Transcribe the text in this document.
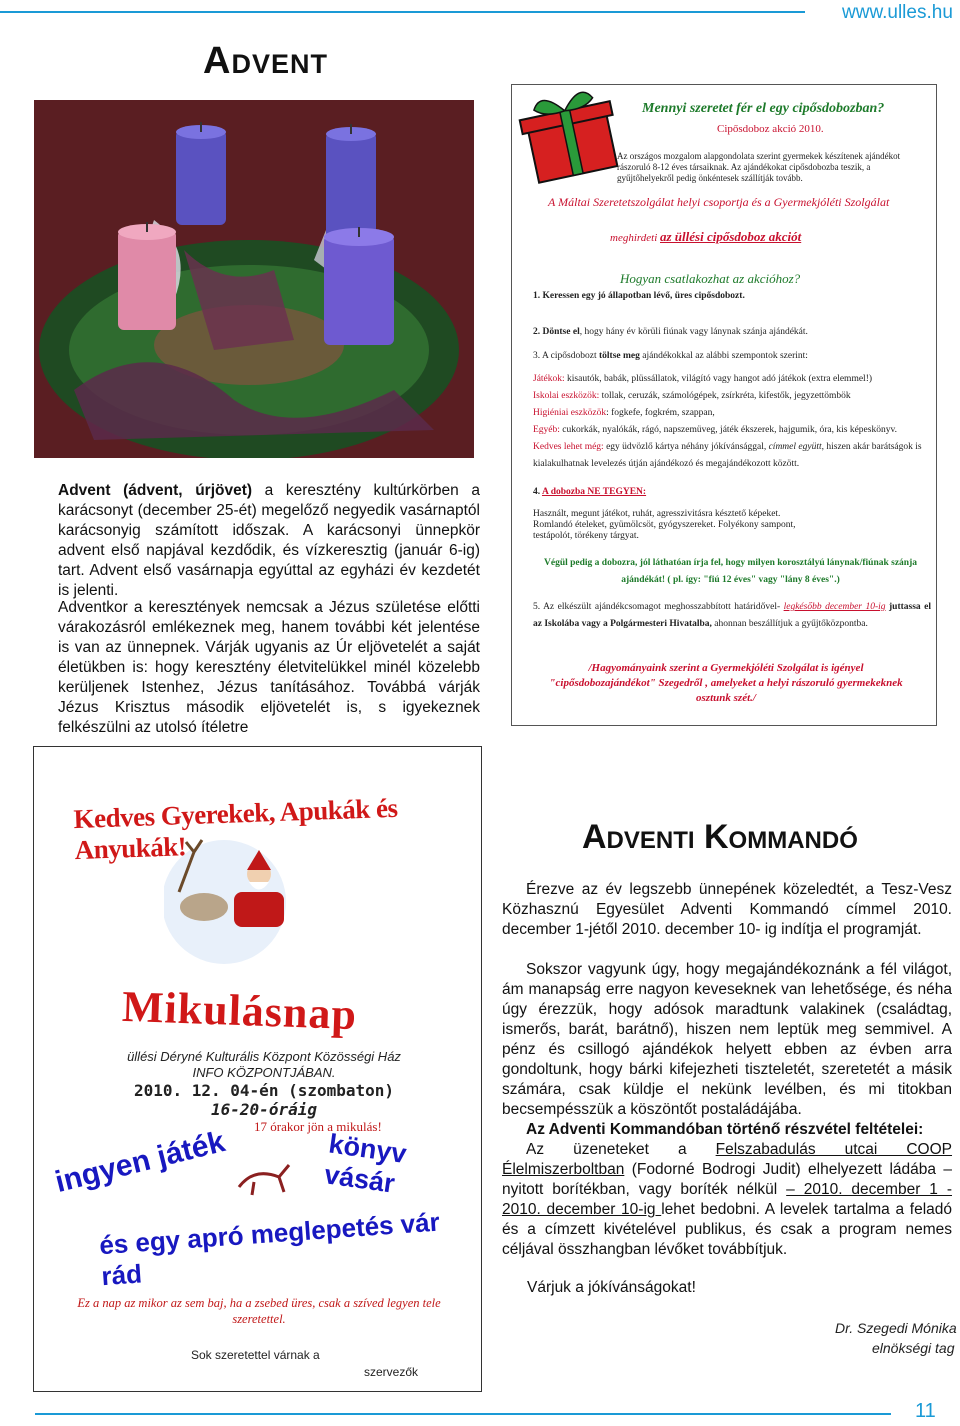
www.ulles.hu
Advent

Advent (ádvent, úrjövet) a keresztény kultúrkörben a karácsonyt (december 25-ét) megelőző negyedik vasárnaptól karácsonyig számított időszak. A karácsonyi ünnepkör advent első napjával kezdődik, és vízkeresztig (január 6-ig) tart. Advent első vasárnapja egyúttal az egyházi év kezdetét is jelenti.

Adventkor a keresztények nemcsak a Jézus születése előtti várakozásról emlékeznek meg, hanem további két jelentése is van az ünnepnek. Várják ugyanis az Úr eljövetelét a saját életükben is: hogy keresztény életvitelükkel minél közelebb kerüljenek Istenhez, Jézus tanításához. Továbbá várják Jézus Krisztus második eljövetelét is, s igyekeznek felkészülni az utolsó ítéletre

Mennyi szeretet fér el egy cipősdobozban?
Cipősdoboz akció 2010.
Az országos mozgalom alapgondolata szerint gyermekek készítenek ajándékot rászoruló 8-12 éves társaiknak. Az ajándékokat cipősdobozba teszik, a gyűjtőhelyekről pedig önkéntesek szállítják tovább.
A Máltai Szeretetszolgálat helyi csoportja és a Gyermekjóléti Szolgálat
meghirdeti az üllési cipősdoboz akciót
Hogyan csatlakozhat az akcióhoz?
1. Keressen egy jó állapotban lévő, üres cipősdobozt.
2. Döntse el, hogy hány év körüli fiúnak vagy lánynak szánja ajándékát.
3. A cipősdobozt töltse meg ajándékokkal az alábbi szempontok szerint:
Játékok: kisautók, babák, plüssállatok, világító vagy hangot adó játékok (extra elemmel!)
Iskolai eszközök: tollak, ceruzák, számológépek, zsírkréta, kifestők, jegyzettömbök
Higiéniai eszközök: fogkefe, fogkrém, szappan,
Egyéb: cukorkák, nyalókák, rágó, napszemüveg, játék ékszerek, hajgumik, óra, kis képeskönyv.
Kedves lehet még: egy üdvözlő kártya néhány jókívánsággal, címmel együtt, hiszen akár barátságok is kialakulhatnak levelezés útján ajándékozó és megajándékozott között.
4. A dobozba NE TEGYEN:
Használt, megunt játékot, ruhát, agresszivitásra késztető képeket. Romlandó ételeket, gyümölcsöt, gyógyszereket. Folyékony sampont, testápolót, törékeny tárgyat.
Végül pedig a dobozra, jól láthatóan írja fel, hogy milyen korosztályú lánynak/fiúnak szánja ajándékát! ( pl. így: "fiú 12 éves" vagy "lány 8 éves".)
5. Az elkészült ajándékcsomagot meghosszabbított határidővel- legkésőbb december 10-ig juttassa el az Iskolába vagy a Polgármesteri Hivatalba, ahonnan beszállítjuk a gyűjtőközpontba.
/Hagyományaink szerint a Gyermekjóléti Szolgálat is igényel "cipősdobozajándékot" Szegedről , amelyeket a helyi rászoruló gyermekeknek osztunk szét./
Kedves Gyerekek, Apukák és Anyukák!
Mikulásnap
üllési Déryné Kulturális Központ Közösségi Ház
INFO KÖZPONTJÁBAN.
2010. 12. 04-én (szombaton)
16-20-óráig
17 órakor jön a mikulás!
ingyen játék	könyv vásár
és egy apró meglepetés vár rád
Ez a nap az mikor az sem baj, ha a zsebed üres, csak a szíved legyen tele szeretettel.
Sok szeretettel várnak a
szervezők
Adventi Kommandó

Érezve az év legszebb ünnepének közeledtét, a Tesz-Vesz Közhasznú Egyesület Adventi Kommandó címmel 2010. december 1-jétől 2010. december 10- ig indítja el programját.

Sokszor vagyunk úgy, hogy megajándékoznánk a fél világot, ám manapság erre nagyon keveseknek van lehetősége, és néha úgy érezzük, hogy adósok maradtunk valakinek (családtag, ismerős, barát, barátnő), hiszen nem leptük meg semmivel. A pénz és csillogó ajándékok helyett ebben az évben arra gondoltunk, hogy bárki kifejezheti tiszteletét, szeretetét a másik számára, csak küldje el nekünk levélben, és mi titokban becsempésszük a köszöntőt postaládájába.

Az Adventi Kommandóban történő részvétel feltételei:
Az üzeneteket a Felszabadulás utcai COOP Élelmiszerboltban (Fodorné Bodrogi Judit) elhelyezett ládába – nyitott borítékban, vagy boríték nélkül – 2010. december 1 - 2010. december 10-ig lehet bedobni. A levelek tartalma a feladó és a címzett kivételével publikus, és csak a program nemes céljával összhangban lévőket továbbítjuk.
Várjuk a jókívánságokat!
Dr. Szegedi Mónika
elnökségi tag
11
